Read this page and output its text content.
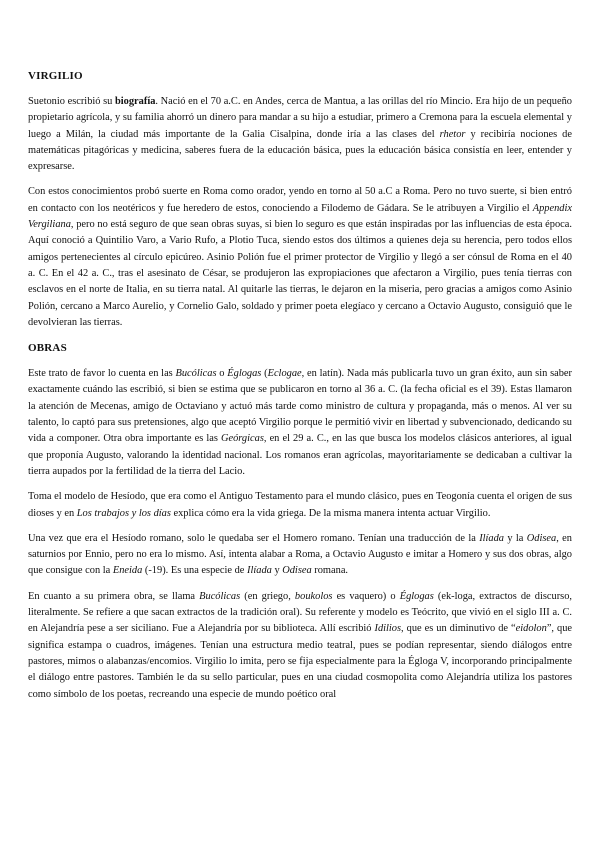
VIRGILIO

Suetonio escribió su biografía. Nació en el 70 a.C. en Andes, cerca de Mantua, a las orillas del río Mincio. Era hijo de un pequeño propietario agrícola, y su familia ahorró un dinero para mandar a su hijo a estudiar, primero a Cremona para la escuela elemental y luego a Milán, la ciudad más importante de la Galia Cisalpina, donde iría a las clases del rhetor y recibiría nociones de matemáticas pitagóricas y medicina, saberes fuera de la educación básica, pues la educación básica consistía en leer, entender y expresarse.

Con estos conocimientos probó suerte en Roma como orador, yendo en torno al 50 a.C a Roma. Pero no tuvo suerte, si bien entró en contacto con los neotéricos y fue heredero de estos, conociendo a Filodemo de Gádara. Se le atribuyen a Virgilio el Appendix Vergiliana, pero no está seguro de que sean obras suyas, si bien lo seguro es que están inspiradas por las influencias de esta época. Aquí conoció a Quintilio Varo, a Vario Rufo, a Plotio Tuca, siendo estos dos últimos a quienes deja su herencia, pero todos ellos amigos pertenecientes al círculo epicúreo. Asinio Polión fue el primer protector de Virgilio y llegó a ser cónsul de Roma en el 40 a. C. En el 42 a. C., tras el asesinato de César, se produjeron las expropiaciones que afectaron a Virgilio, pues tenía tierras con esclavos en el norte de Italia, en su tierra natal. Al quitarle las tierras, le dejaron en la miseria, pero gracias a amigos como Asinio Polión, cercano a Marco Aurelio, y Cornelio Galo, soldado y primer poeta elegíaco y cercano a Octavio Augusto, consiguió que le devolvieran las tierras.

OBRAS

Este trato de favor lo cuenta en las Bucólicas o Églogas (Eclogae, en latín). Nada más publicarla tuvo un gran éxito, aun sin saber exactamente cuándo las escribió, si bien se estima que se publicaron en torno al 36 a. C. (la fecha oficial es el 39). Estas llamaron la atención de Mecenas, amigo de Octaviano y actuó más tarde como ministro de cultura y propaganda, más o menos. Al ver su talento, lo captó para sus pretensiones, algo que aceptó Virgilio porque le permitió vivir en libertad y subvencionado, dedicando su vida a componer. Otra obra importante es las Geórgicas, en el 29 a. C., en las que busca los modelos clásicos anteriores, al igual que proponía Augusto, valorando la identidad nacional. Los romanos eran agrícolas, mayoritariamente se dedicaban a cultivar la tierra aupados por la fertilidad de la tierra del Lacio.

Toma el modelo de Hesíodo, que era como el Antiguo Testamento para el mundo clásico, pues en Teogonía cuenta el origen de sus dioses y en Los trabajos y los días explica cómo era la vida griega. De la misma manera intenta actuar Virgilio.

Una vez que era el Hesíodo romano, solo le quedaba ser el Homero romano. Tenían una traducción de la Ilíada y la Odisea, en saturnios por Ennio, pero no era lo mismo. Así, intenta alabar a Roma, a Octavio Augusto e imitar a Homero y sus dos obras, algo que consigue con la Eneida (-19). Es una especie de Ilíada y Odisea romana.

En cuanto a su primera obra, se llama Bucólicas (en griego, boukolos es vaquero) o Églogas (ek-loga, extractos de discurso, literalmente. Se refiere a que sacan extractos de la tradición oral). Su referente y modelo es Teócrito, que vivió en el siglo III a. C. en Alejandría pese a ser siciliano. Fue a Alejandría por su biblioteca. Allí escribió Idilios, que es un diminutivo de “eidolon”, que significa estampa o cuadros, imágenes. Tenían una estructura medio teatral, pues se podían representar, siendo diálogos entre pastores, mimos o alabanzas/encomios. Virgilio lo imita, pero se fija especialmente para la Égloga V, incorporando principalmente el diálogo entre pastores. También le da su sello particular, pues en una ciudad cosmopolita como Alejandría utiliza los pastores como símbolo de los poetas, recreando una especie de mundo poético oral
